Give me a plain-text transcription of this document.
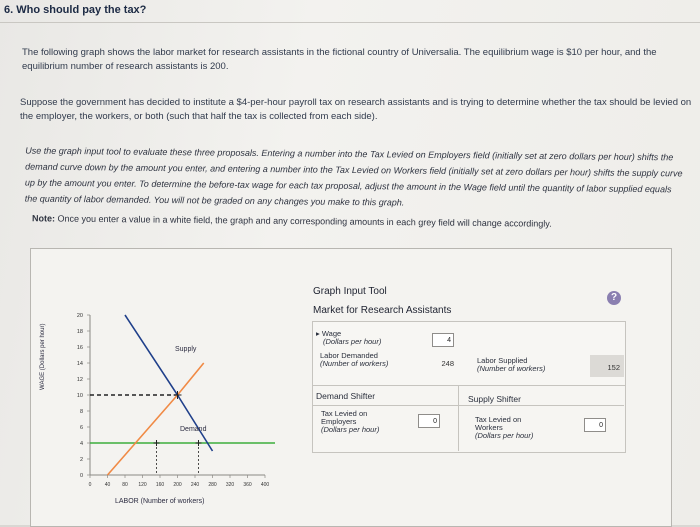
6. Who should pay the tax?
The following graph shows the labor market for research assistants in the fictional country of Universalia. The equilibrium wage is $10 per hour, and the equilibrium number of research assistants is 200.
Suppose the government has decided to institute a $4-per-hour payroll tax on research assistants and is trying to determine whether the tax should be levied on the employer, the workers, or both (such that half the tax is collected from each side).
Use the graph input tool to evaluate these three proposals. Entering a number into the Tax Levied on Employers field (initially set at zero dollars per hour) shifts the demand curve down by the amount you enter, and entering a number into the Tax Levied on Workers field (initially set at zero dollars per hour) shifts the supply curve up by the amount you enter. To determine the before-tax wage for each tax proposal, adjust the amount in the Wage field until the quantity of labor supplied equals the quantity of labor demanded. You will not be graded on any changes you make to this graph.
Note: Once you enter a value in a white field, the graph and any corresponding amounts in each grey field will change accordingly.
0
2
4
6
8
10
12
14
16
18
20
0	40 80 120 160 200 240 280 320 360 400
WAGE (Dollars per hour)
LABOR (Number of workers)
Supply
Demand
Graph Input Tool
Market for Research Assistants
?
▸ Wage
(Dollars per hour)	4
Labor Demanded
(Number of workers)	248	Labor Supplied
(Number of workers)	152
Demand Shifter	Supply Shifter
Tax Levied on Employers
(Dollars per hour)
0	Tax Levied on Workers
(Dollars per hour)
0
